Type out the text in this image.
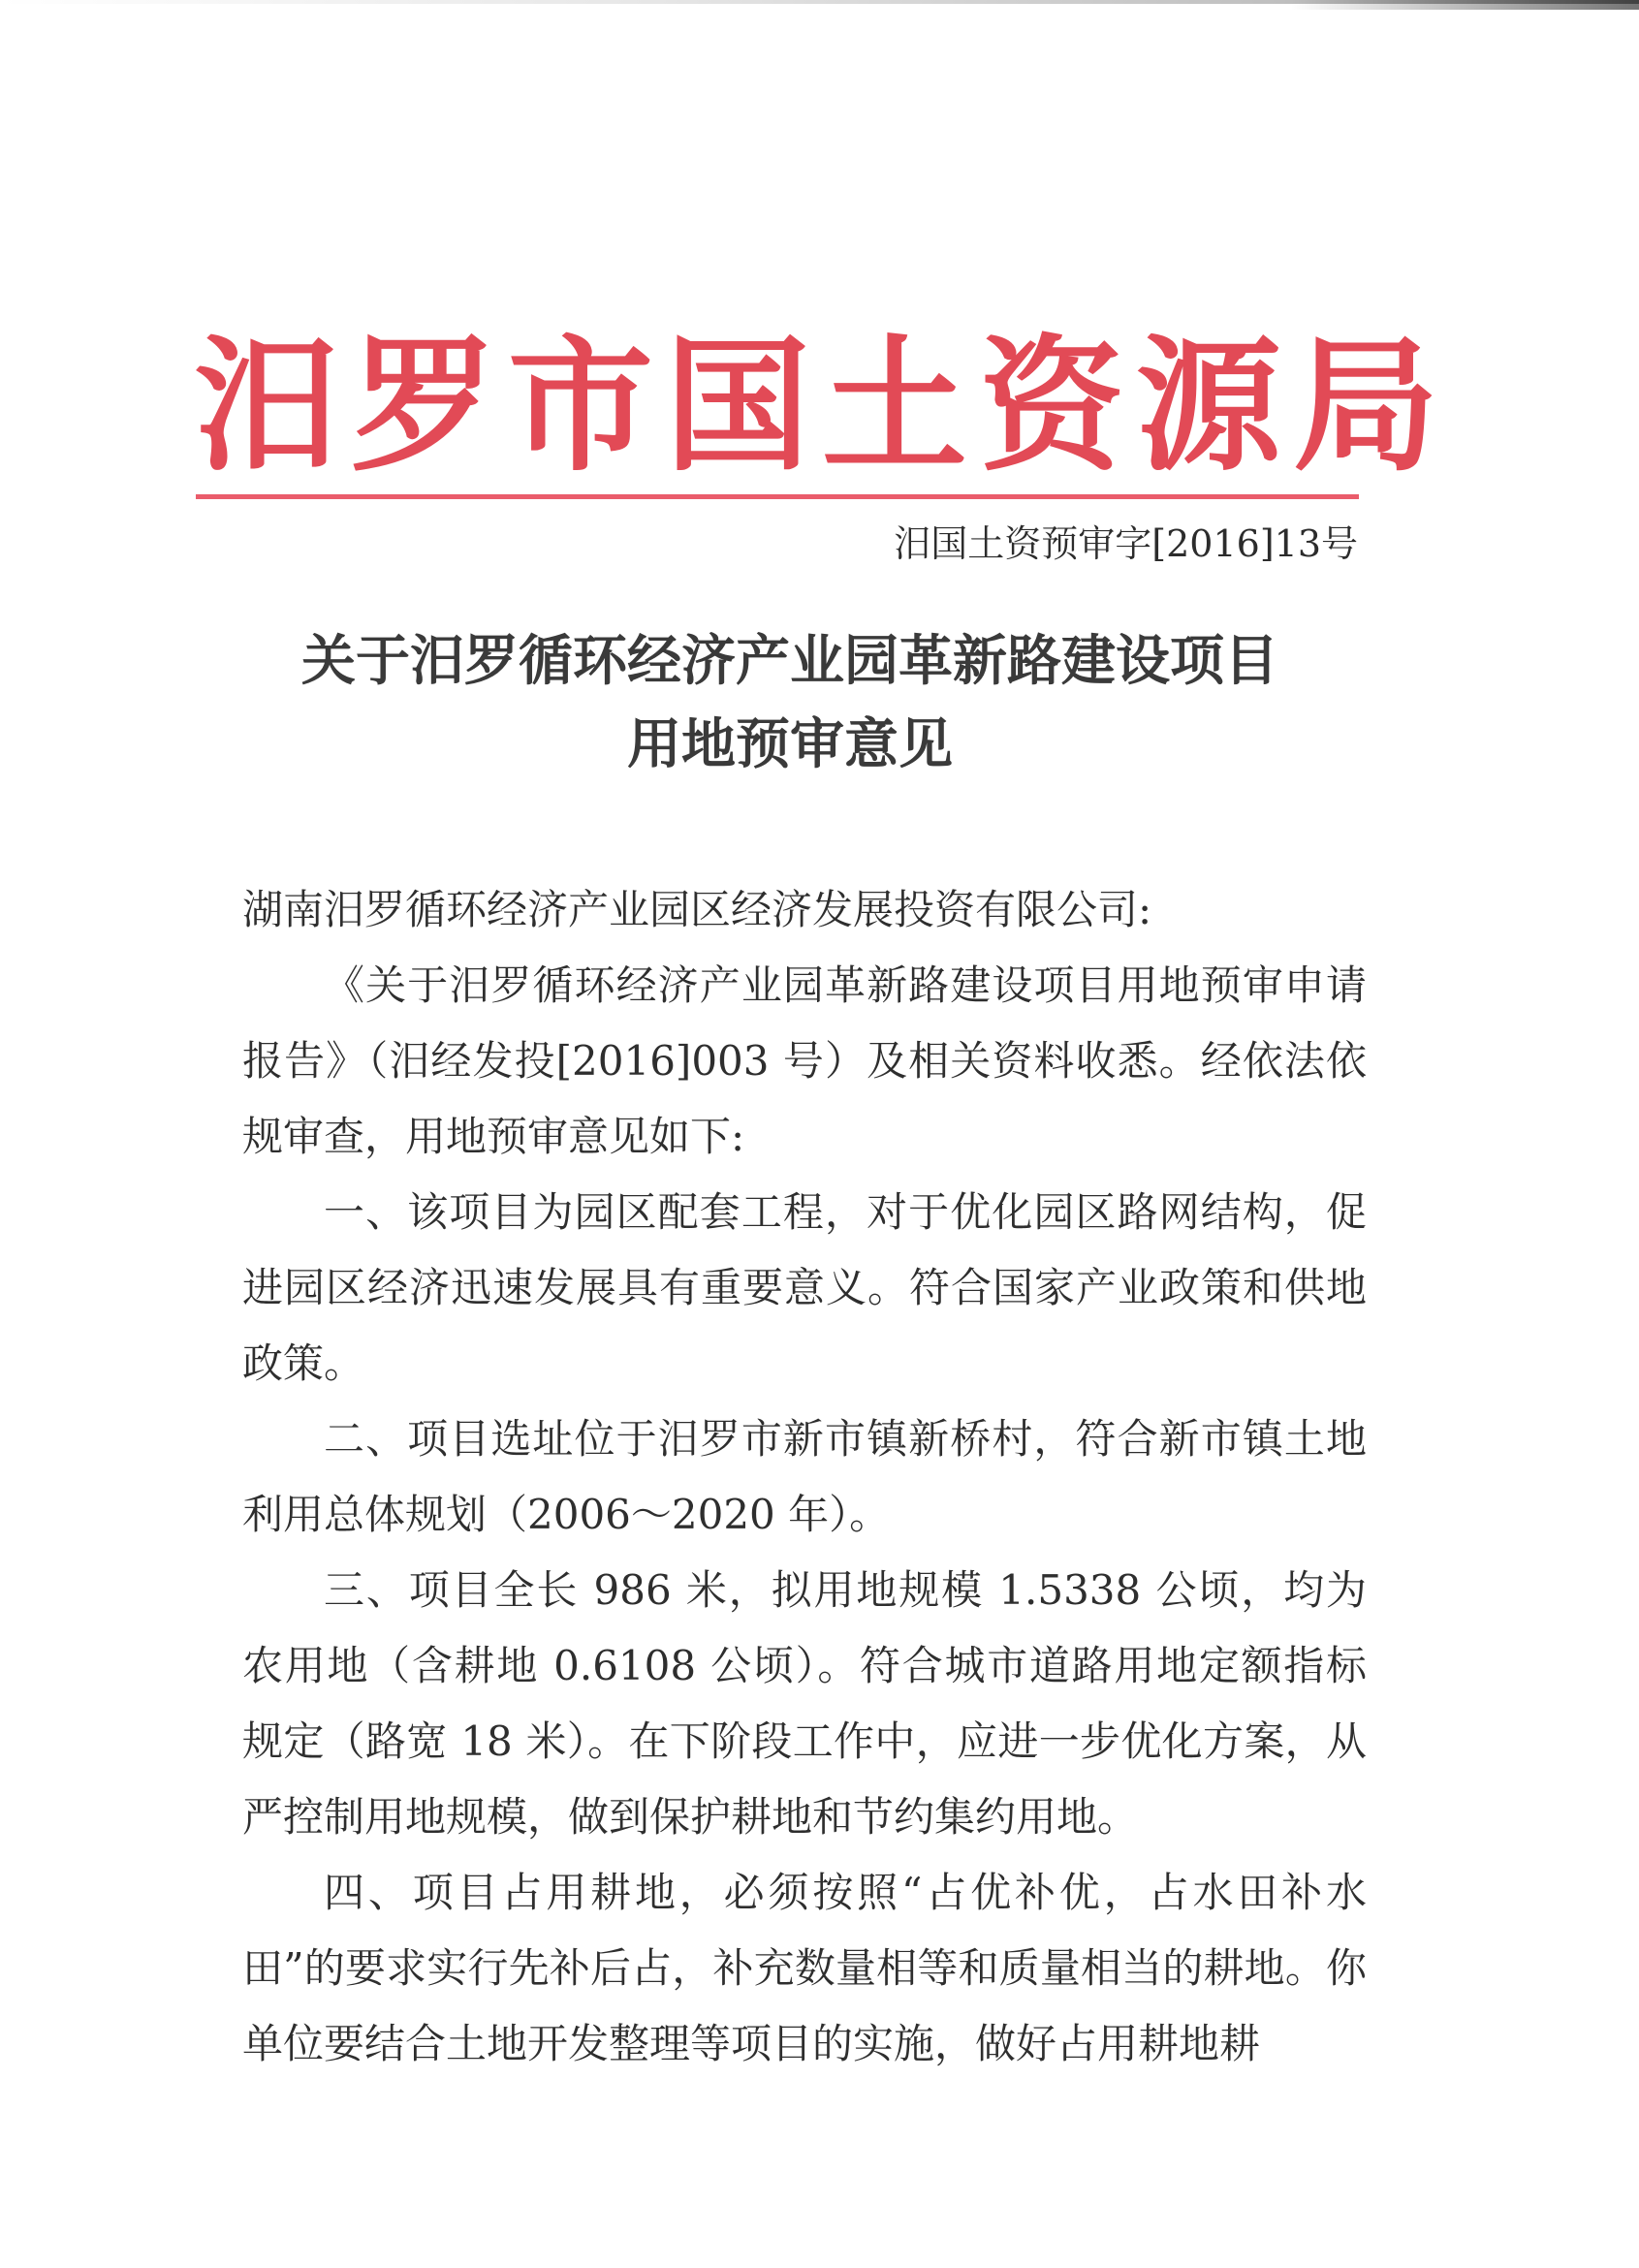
汨罗市国土资源局
汨国土资预审字[2016]13号
关于汨罗循环经济产业园革新路建设项目
用地预审意见

湖南汨罗循环经济产业园区经济发展投资有限公司:

《关于汨罗循环经济产业园革新路建设项目用地预审申请报告》（汨经发投[2016]003 号）及相关资料收悉。经依法依规审查，用地预审意见如下:

一、该项目为园区配套工程，对于优化园区路网结构，促进园区经济迅速发展具有重要意义。符合国家产业政策和供地政策。

二、项目选址位于汨罗市新市镇新桥村，符合新市镇土地利用总体规划（2006～2020 年）。

三、项目全长 986 米，拟用地规模 1.5338 公顷，均为农用地（含耕地 0.6108 公顷）。符合城市道路用地定额指标规定（路宽 18 米）。在下阶段工作中，应进一步优化方案，从严控制用地规模，做到保护耕地和节约集约用地。

四、项目占用耕地，必须按照“占优补优，占水田补水田”的要求实行先补后占，补充数量相等和质量相当的耕地。你单位要结合土地开发整理等项目的实施，做好占用耕地耕
